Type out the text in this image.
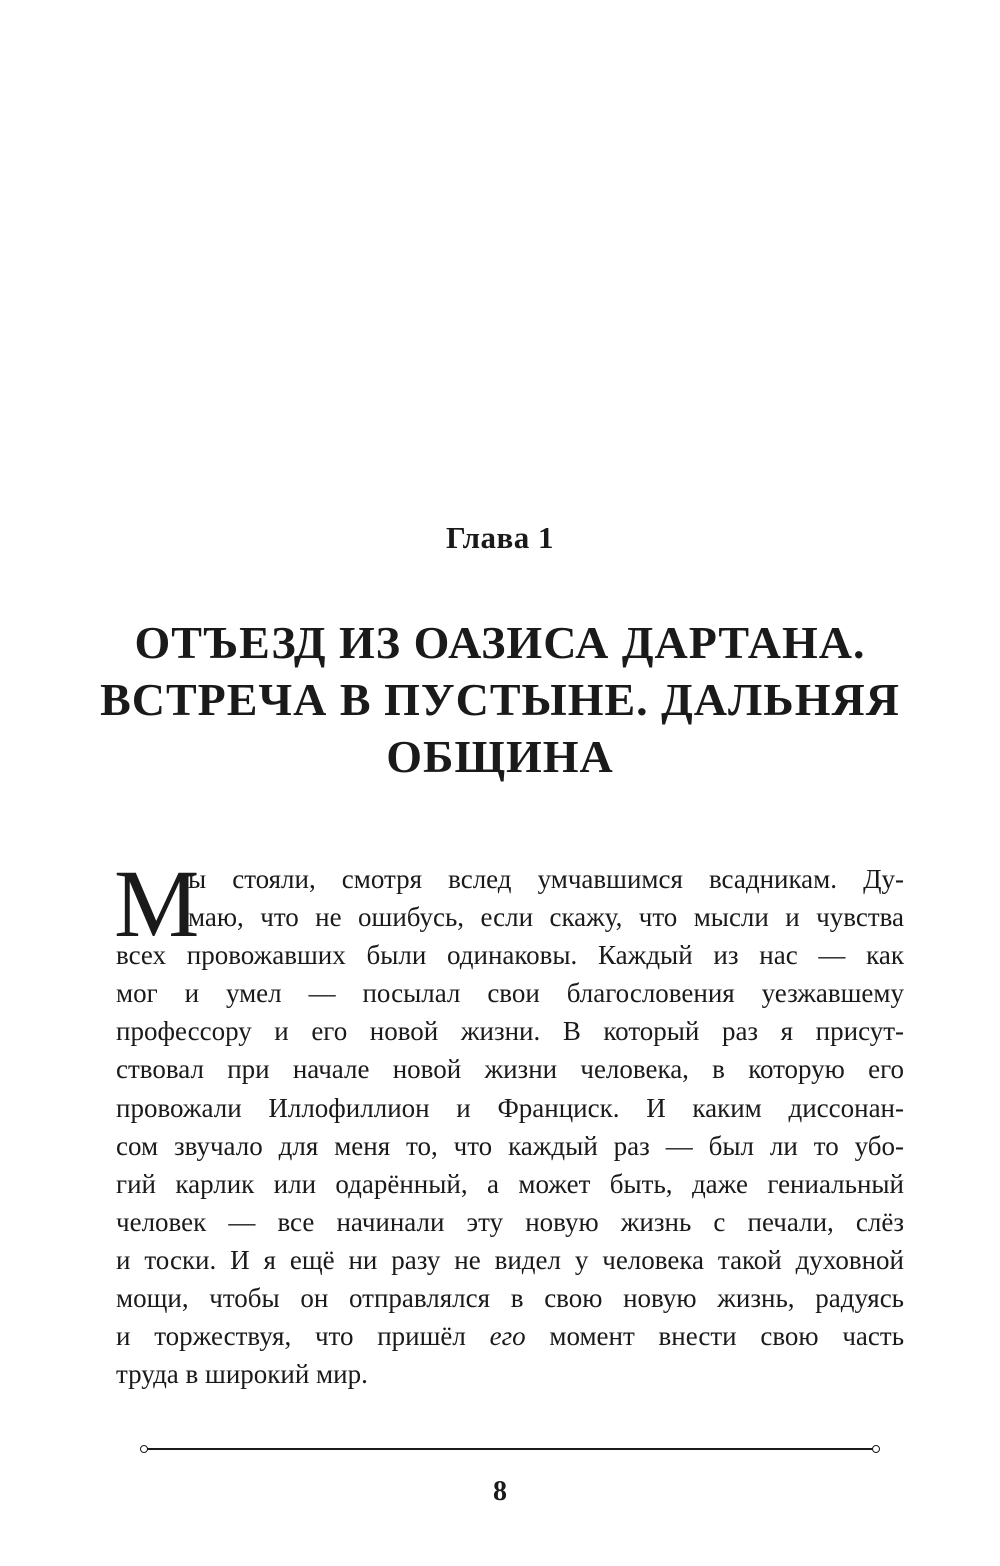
Глава 1
ОТЪЕЗД ИЗ ОАЗИСА ДАРТАНА.
ВСТРЕЧА В ПУСТЫНЕ. ДАЛЬНЯЯ
ОБЩИНА
М
ы стояли, смотря вслед умчавшимся всадникам. Ду-
маю, что не ошибусь, если скажу, что мысли и чувства
всех провожавших были одинаковы. Каждый из нас — как
мог и умел — посылал свои благословения уезжавшему
профессору и его новой жизни. В который раз я присут-
ствовал при начале новой жизни человека, в которую его
провожали Иллофиллион и Франциск. И каким диссонан-
сом звучало для меня то, что каждый раз — был ли то убо-
гий карлик или одарённый, а может быть, даже гениальный
человек — все начинали эту новую жизнь с печали, слёз
и тоски. И я ещё ни разу не видел у человека такой духовной
мощи, чтобы он отправлялся в свою новую жизнь, радуясь
и торжествуя, что пришёл его момент внести свою часть
труда в широкий мир.
8
